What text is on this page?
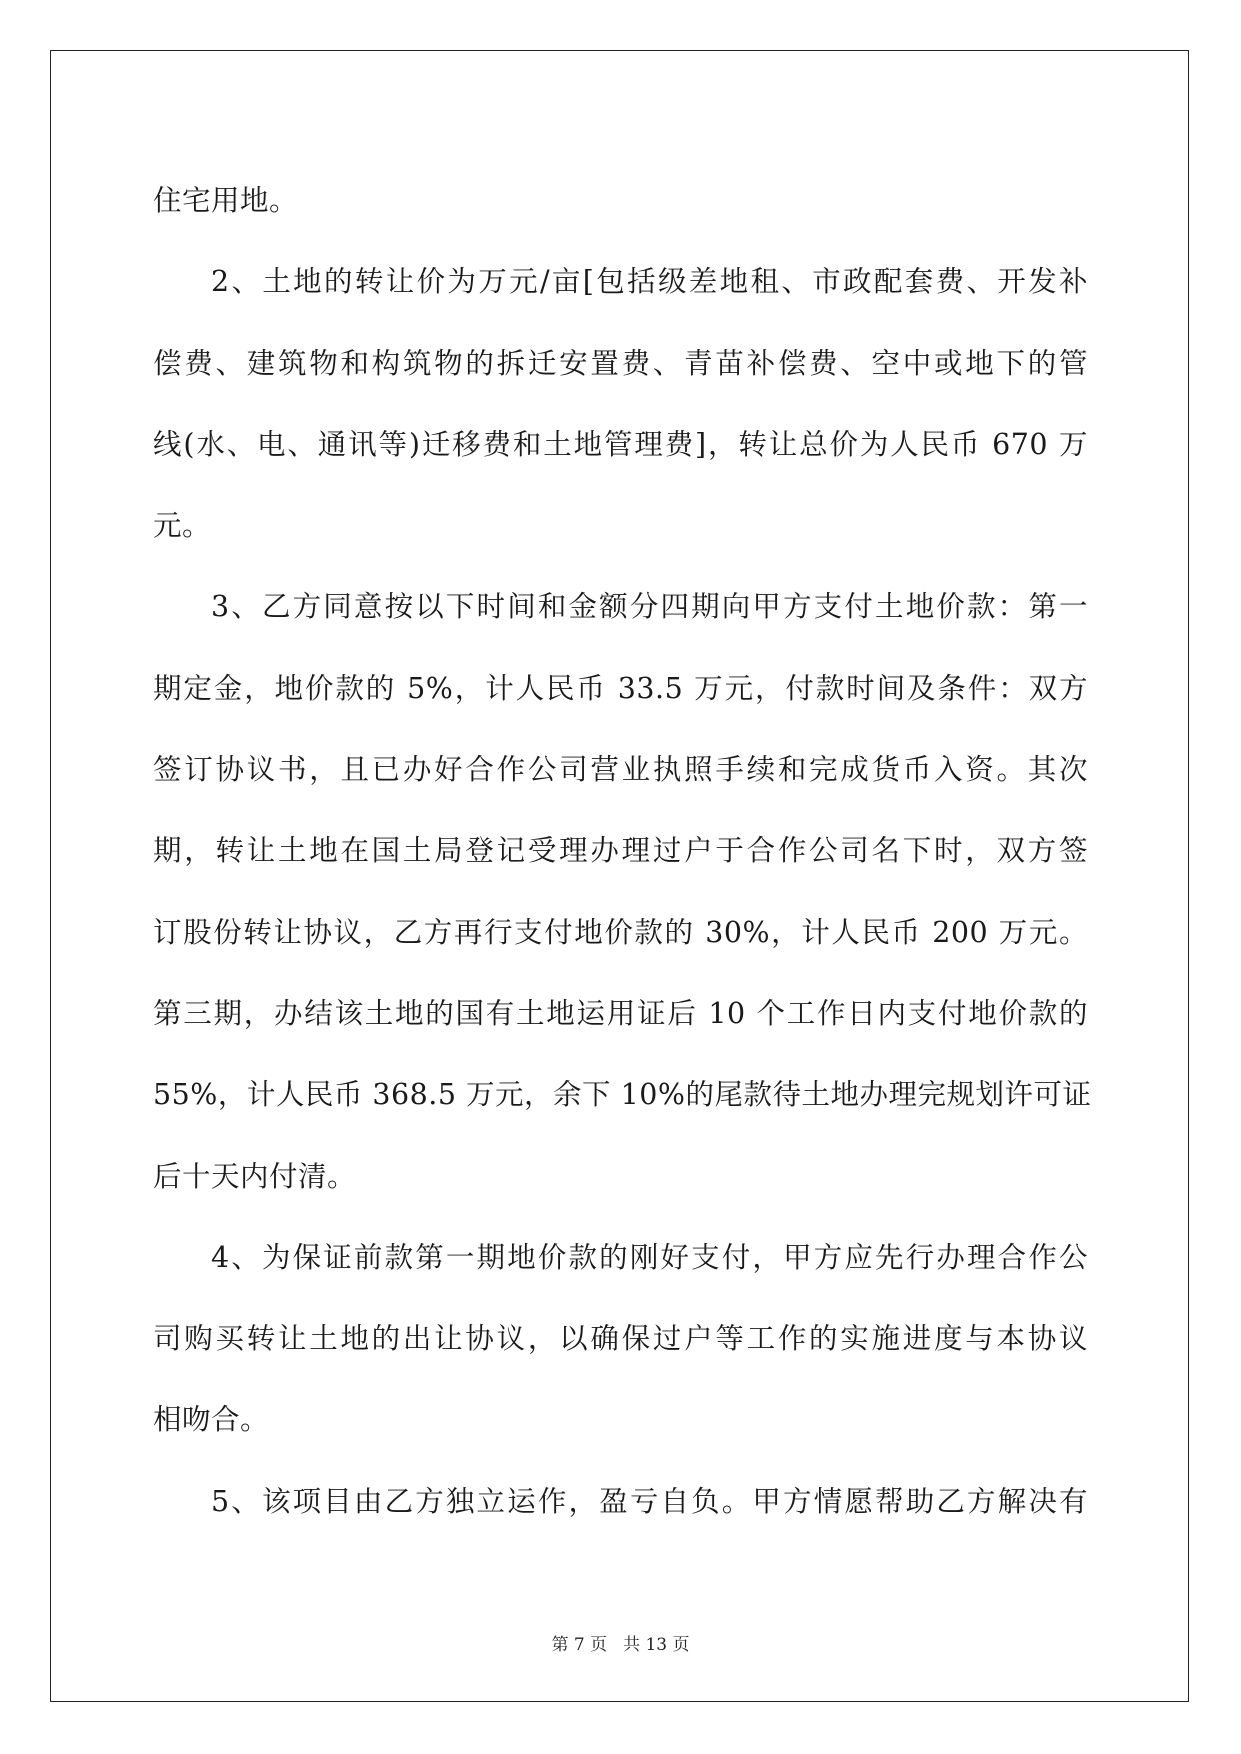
住宅用地。
2、土地的转让价为万元/亩[包括级差地租、市政配套费、开发补
偿费、建筑物和构筑物的拆迁安置费、青苗补偿费、空中或地下的管
线(水、电、通讯等)迁移费和土地管理费]，转让总价为人民币 670 万
元。
3、乙方同意按以下时间和金额分四期向甲方支付土地价款：第一
期定金，地价款的 5%，计人民币 33.5 万元，付款时间及条件：双方
签订协议书，且已办好合作公司营业执照手续和完成货币入资。其次
期，转让土地在国土局登记受理办理过户于合作公司名下时，双方签
订股份转让协议，乙方再行支付地价款的 30%，计人民币 200 万元。
第三期，办结该土地的国有土地运用证后 10 个工作日内支付地价款的
55%，计人民币 368.5 万元，余下 10%的尾款待土地办理完规划许可证
后十天内付清。
4、为保证前款第一期地价款的刚好支付，甲方应先行办理合作公
司购买转让土地的出让协议，以确保过户等工作的实施进度与本协议
相吻合。
5、该项目由乙方独立运作，盈亏自负。甲方情愿帮助乙方解决有
第 7 页 共 13 页
